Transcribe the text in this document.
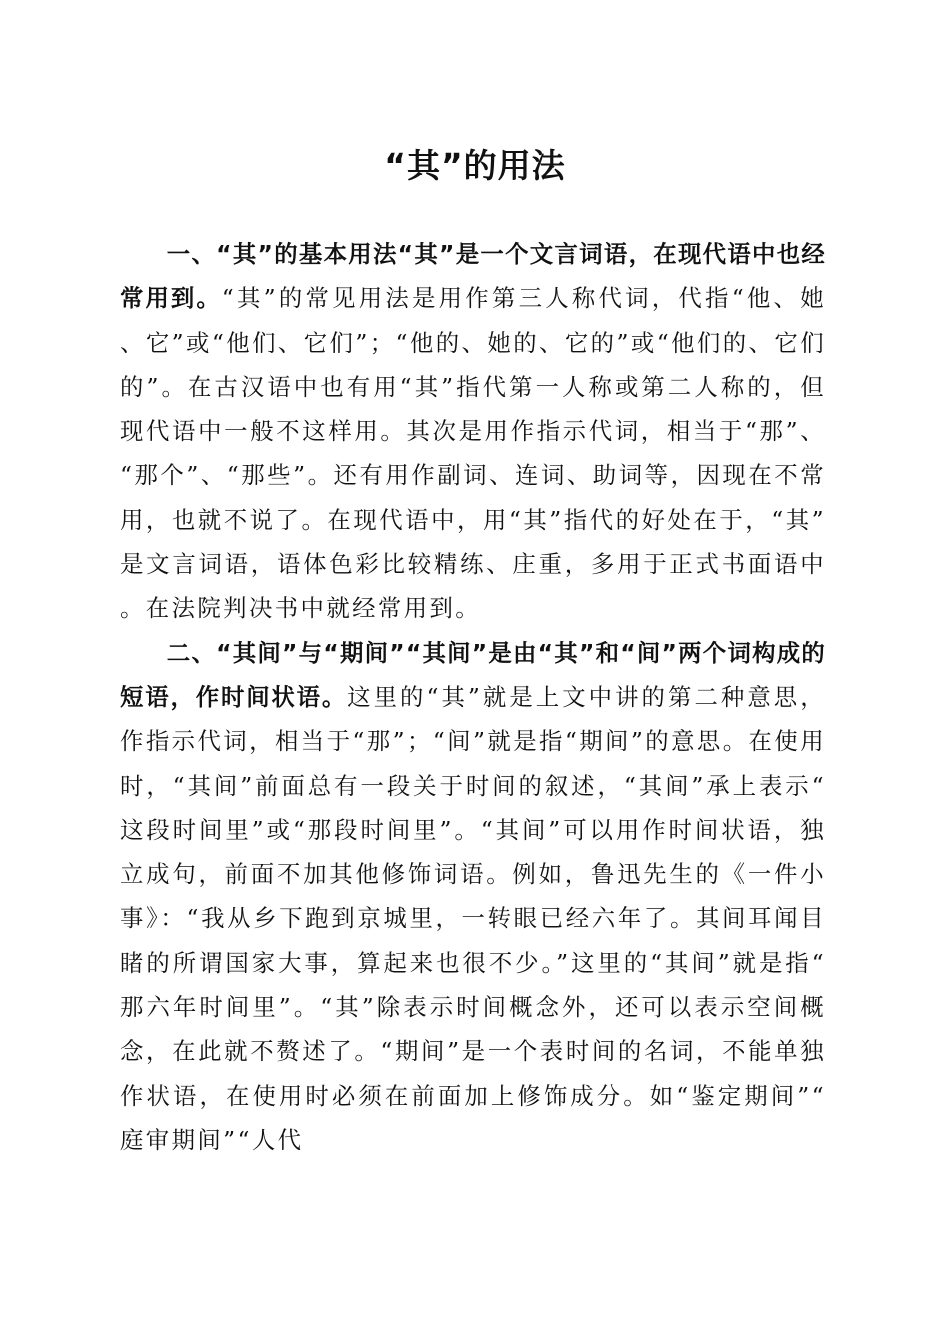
“其”的用法

一、“其”的基本用法“其”是一个文言词语，在现代语中也经常用到。“其”的常见用法是用作第三人称代词，代指“他、她、它”或“他们、它们”；“他的、她的、它的”或“他们的、它们的”。在古汉语中也有用“其”指代第一人称或第二人称的，但现代语中一般不这样用。其次是用作指示代词，相当于“那”、“那个”、“那些”。还有用作副词、连词、助词等，因现在不常用，也就不说了。在现代语中，用“其”指代的好处在于，“其”是文言词语，语体色彩比较精练、庄重，多用于正式书面语中。在法院判决书中就经常用到。

二、“其间”与“期间”“其间”是由“其”和“间”两个词构成的短语，作时间状语。这里的“其”就是上文中讲的第二种意思，作指示代词，相当于“那”；“间”就是指“期间”的意思。在使用时，“其间”前面总有一段关于时间的叙述，“其间”承上表示“这段时间里”或“那段时间里”。“其间”可以用作时间状语，独立成句，前面不加其他修饰词语。例如，鲁迅先生的《一件小事》：“我从乡下跑到京城里，一转眼已经六年了。其间耳闻目睹的所谓国家大事，算起来也很不少。”这里的“其间”就是指“那六年时间里”。“其”除表示时间概念外，还可以表示空间概念，在此就不赘述了。“期间”是一个表时间的名词，不能单独作状语，在使用时必须在前面加上修饰成分。如“鉴定期间”“庭审期间”“人代
